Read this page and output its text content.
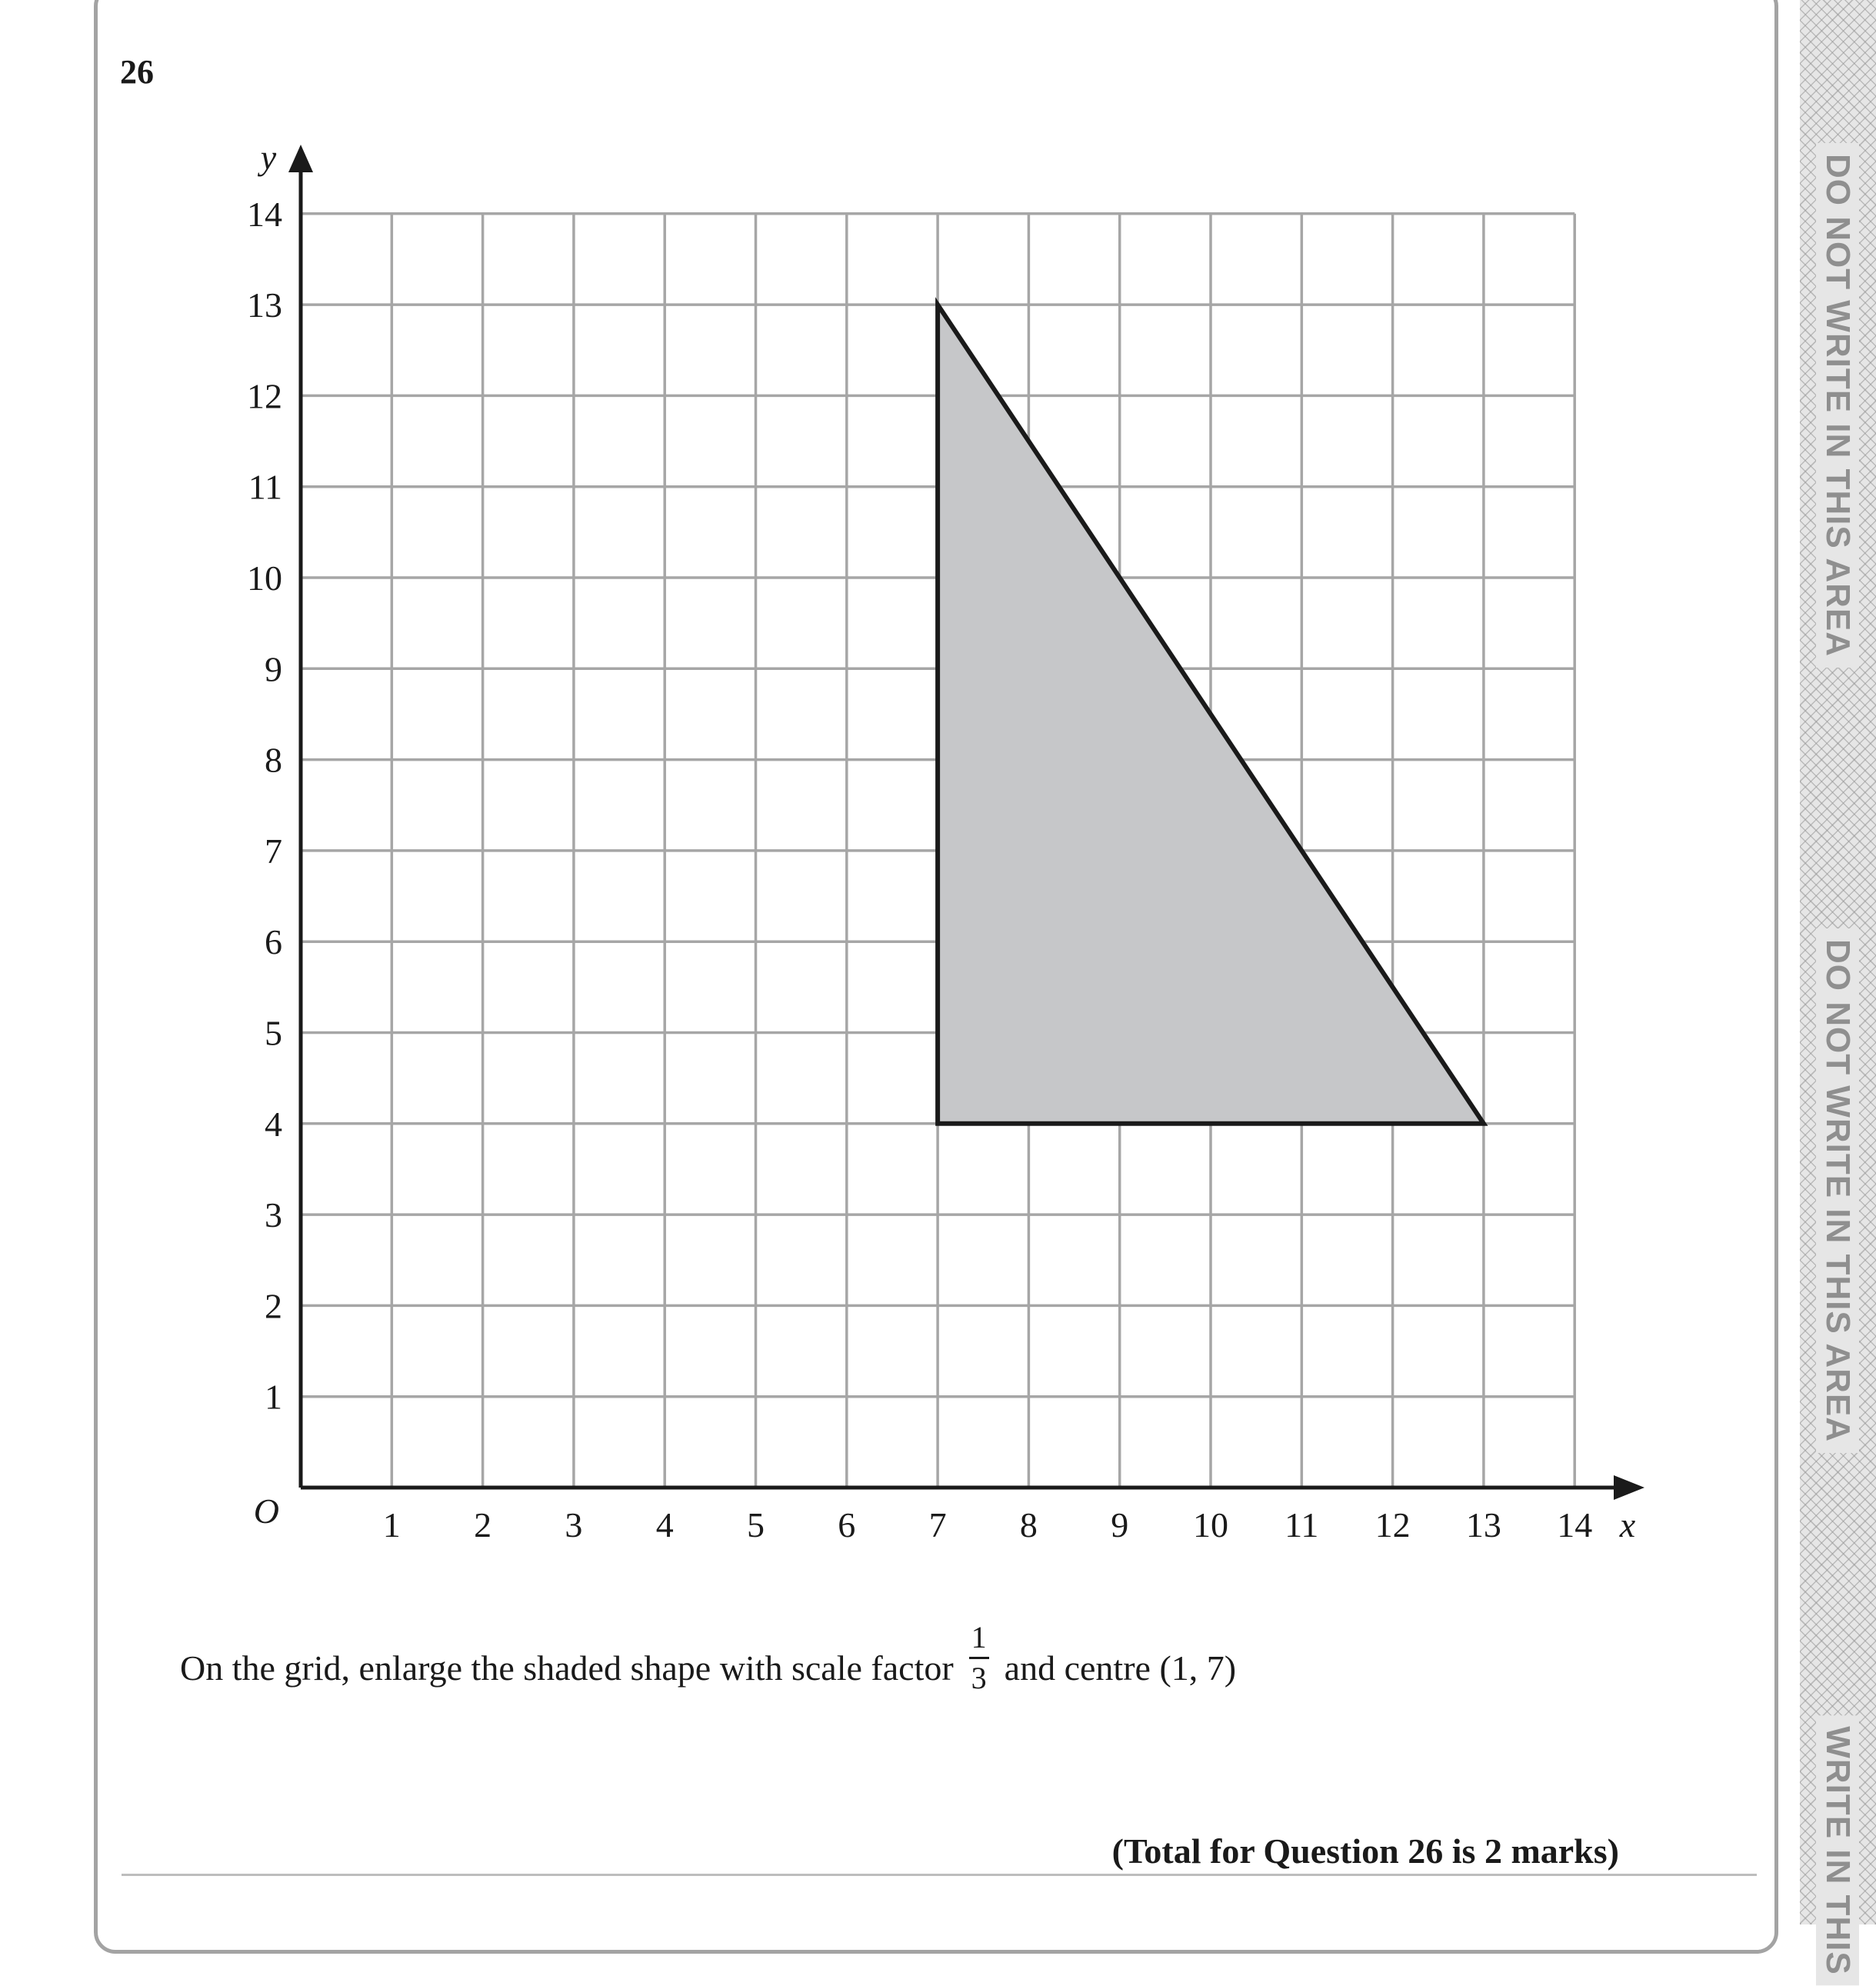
DO NOT WRITE IN THIS AREA
DO NOT WRITE IN THIS AREA
WRITE IN THIS
26
1 2 3 4 5 6 7 8 9 10 11 12 13 14
1
2
3
4
5
6
7
8
9
10
11
12
13
14
x
y
O
On the grid, enlarge the shaded shape with scale factor $\frac{1}{3}$ and centre (1, 7)
(Total for Question 26 is 2 marks)
